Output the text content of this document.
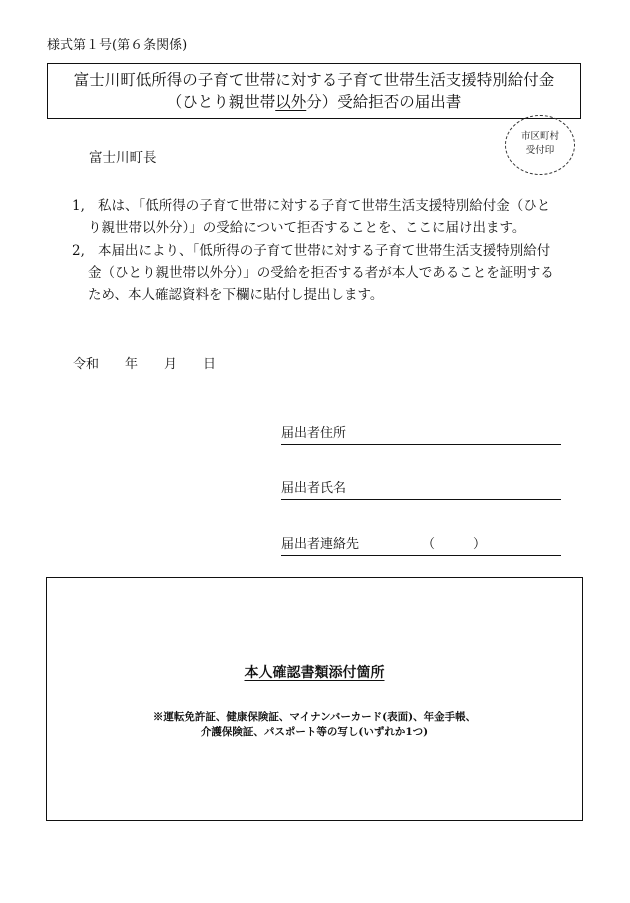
様式第１号(第６条関係)
富士川町低所得の子育て世帯に対する子育て世帯生活支援特別給付金
（ひとり親世帯以外分）受給拒否の届出書
市区町村
受付印
富士川町長
1, 私は、「低所得の子育て世帯に対する子育て世帯生活支援特別給付金（ひとり親世帯以外分）」の受給について拒否することを、ここに届け出ます。
2, 本届出により、「低所得の子育て世帯に対する子育て世帯生活支援特別給付金（ひとり親世帯以外分）」の受給を拒否する者が本人であることを証明するため、本人確認資料を下欄に貼付し提出します。
令和 年 月 日
届出者住所
届出者氏名
届出者連絡先	（	）
本人確認書類添付箇所
※運転免許証、健康保険証、マイナンバーカード(表面)、年金手帳、
介護保険証、パスポート等の写し(いずれか1つ)
